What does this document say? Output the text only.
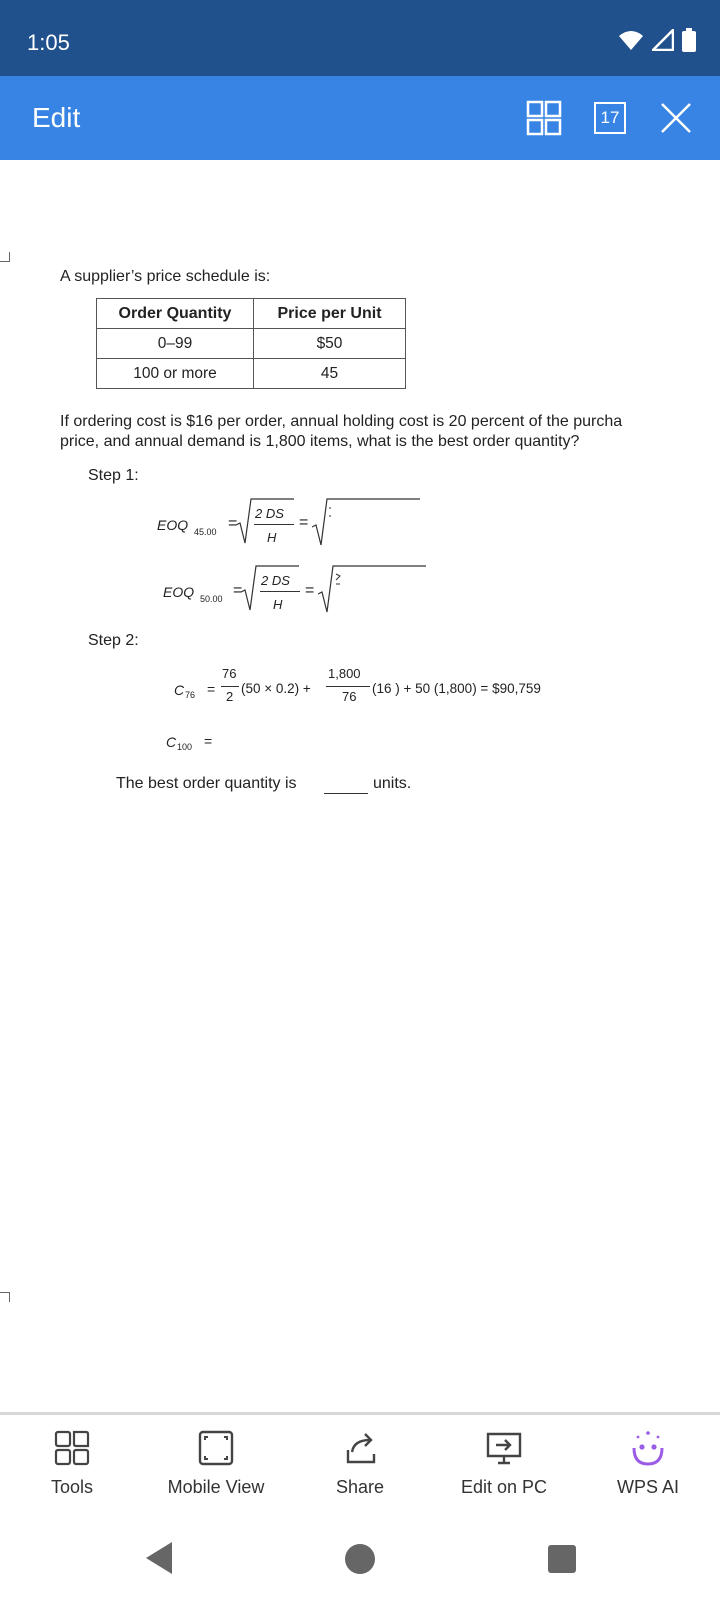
1:05
Edit	17
A supplier’s price schedule is:
Order Quantity	Price per Unit
0–99	$50
100 or more	45
If ordering cost is $16 per order, annual holding cost is 20 percent of the purcha
price, and annual demand is 1,800 items, what is the best order quantity?
Step 1:
EOQ 45.00 =
2 DS
H
=
EOQ 50.00 =
2 DS
H
=
Step 2:
C 76 =
76
2
(50 × 0.2) +
1,800
76
(16 ) + 50 (1,800) = $90,759
C 100 =
The best order quantity is	units.
Tools	Mobile View	Share	Edit on PC	WPS AI
